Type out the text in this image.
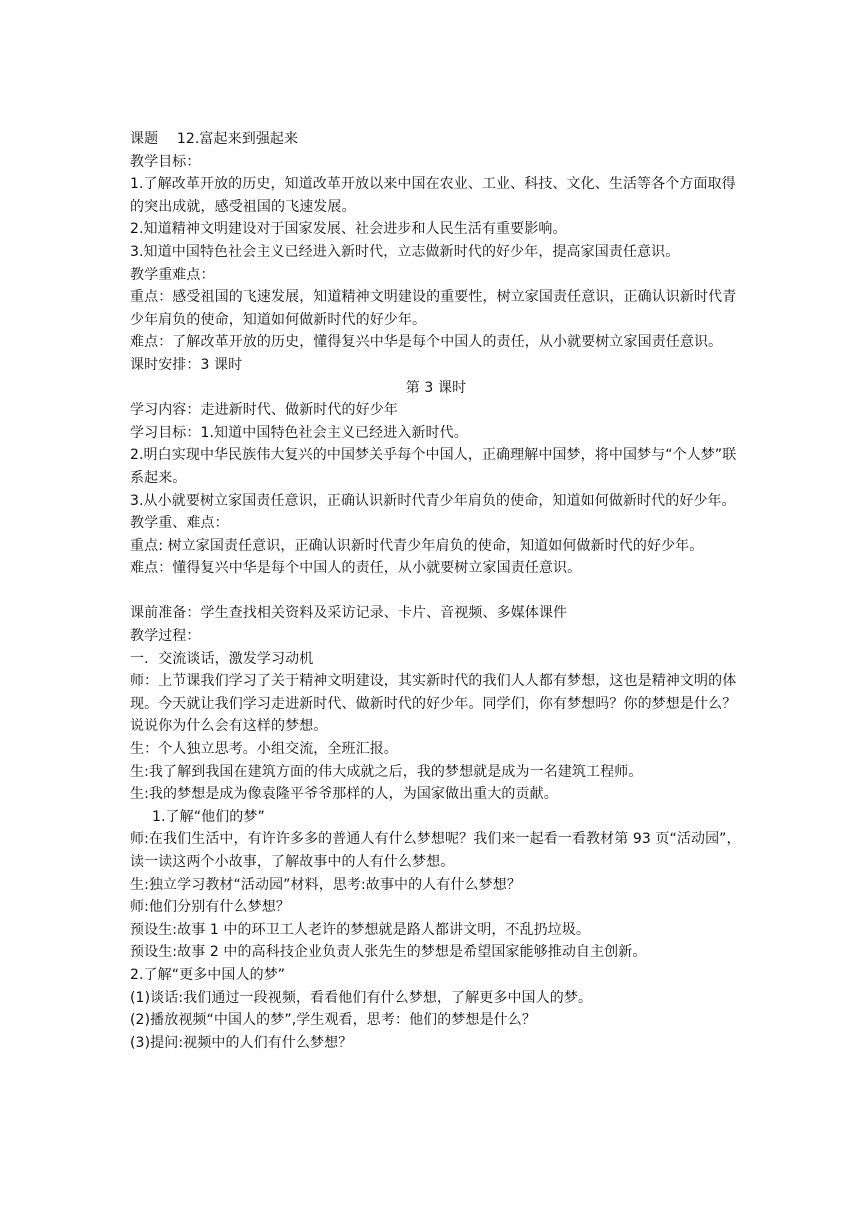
课题　 12.富起来到强起来
教学目标：
1.了解改革开放的历史，知道改革开放以来中国在农业、工业、科技、文化、生活等各个方面取得的突出成就，感受祖国的飞速发展。
2.知道精神文明建设对于国家发展、社会进步和人民生活有重要影响。
3.知道中国特色社会主义已经进入新时代，立志做新时代的好少年，提高家国责任意识。
教学重难点：
重点：感受祖国的飞速发展，知道精神文明建设的重要性，树立家国责任意识，正确认识新时代青少年肩负的使命，知道如何做新时代的好少年。
难点：了解改革开放的历史，懂得复兴中华是每个中国人的责任，从小就要树立家国责任意识。
课时安排：3 课时
第 3 课时
学习内容：走进新时代、做新时代的好少年
学习目标：1.知道中国特色社会主义已经进入新时代。
2.明白实现中华民族伟大复兴的中国梦关乎每个中国人，正确理解中国梦，将中国梦与“个人梦”联系起来。
3.从小就要树立家国责任意识，正确认识新时代青少年肩负的使命，知道如何做新时代的好少年。
教学重、难点：
重点: 树立家国责任意识，正确认识新时代青少年肩负的使命，知道如何做新时代的好少年。
难点：懂得复兴中华是每个中国人的责任，从小就要树立家国责任意识。
课前准备：学生查找相关资料及采访记录、卡片、音视频、多媒体课件
教学过程：
一．交流谈话，激发学习动机
师：上节课我们学习了关于精神文明建设，其实新时代的我们人人都有梦想，这也是精神文明的体现。今天就让我们学习走进新时代、做新时代的好少年。同学们，你有梦想吗？你的梦想是什么？说说你为什么会有这样的梦想。
生：个人独立思考。小组交流，全班汇报。
生:我了解到我国在建筑方面的伟大成就之后，我的梦想就是成为一名建筑工程师。
生:我的梦想是成为像袁隆平爷爷那样的人，为国家做出重大的贡献。
1.了解“他们的梦”
师:在我们生活中，有许许多多的普通人有什么梦想呢？我们来一起看一看教材第 93 页“活动园”，读一读这两个小故事，了解故事中的人有什么梦想。
生:独立学习教材“活动园”材料，思考:故事中的人有什么梦想？
师:他们分别有什么梦想？
预设生:故事 1 中的环卫工人老许的梦想就是路人都讲文明，不乱扔垃圾。
预设生:故事 2 中的高科技企业负责人张先生的梦想是希望国家能够推动自主创新。
2.了解“更多中国人的梦”
(1)谈话:我们通过一段视频，看看他们有什么梦想，了解更多中国人的梦。
(2)播放视频“中国人的梦”,学生观看，思考：他们的梦想是什么？
(3)提问:视频中的人们有什么梦想？
